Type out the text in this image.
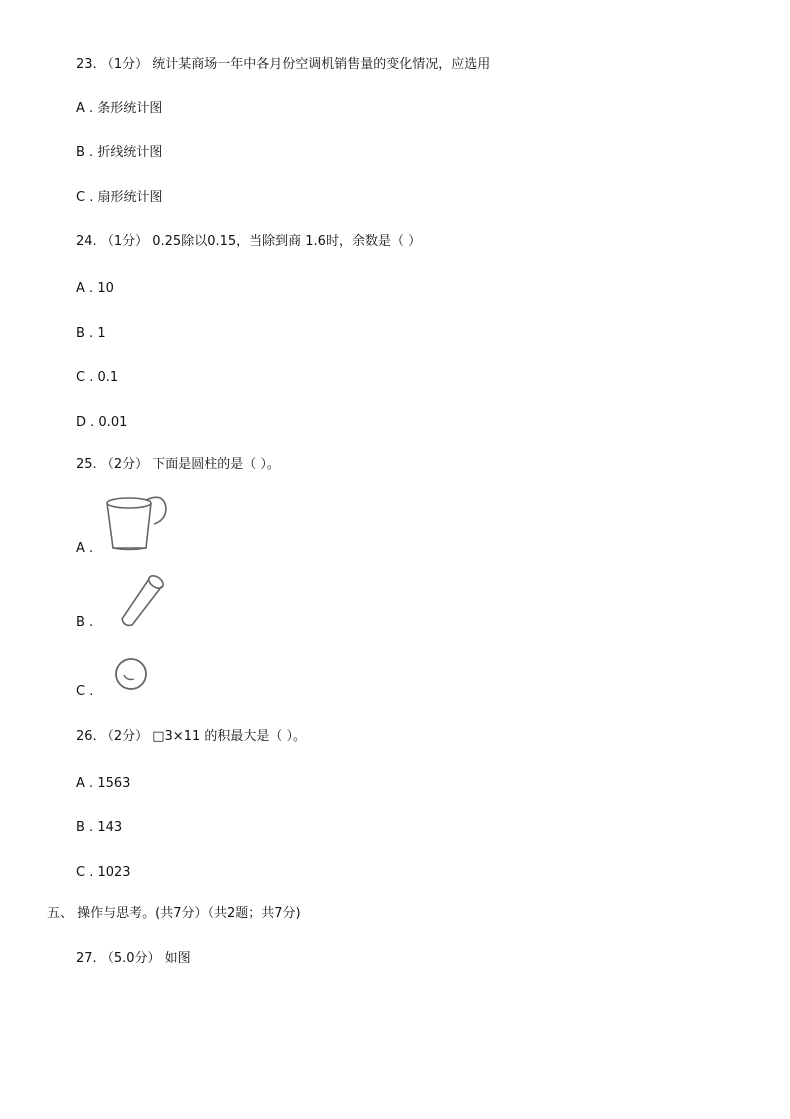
23. （1分） 统计某商场一年中各月份空调机销售量的变化情况，应选用
A . 条形统计图
B . 折线统计图
C . 扇形统计图
24. （1分） 0.25除以0.15，当除到商 1.6时，余数是（ ）
A . 10
B . 1
C . 0.1
D . 0.01
25. （2分） 下面是圆柱的是（ ）。
A .
B .
C .
26. （2分） □3×11 的积最大是（ ）。
A . 1563
B . 143
C . 1023
五、 操作与思考。(共7分）（共2题；共7分)
27. （5.0分） 如图
